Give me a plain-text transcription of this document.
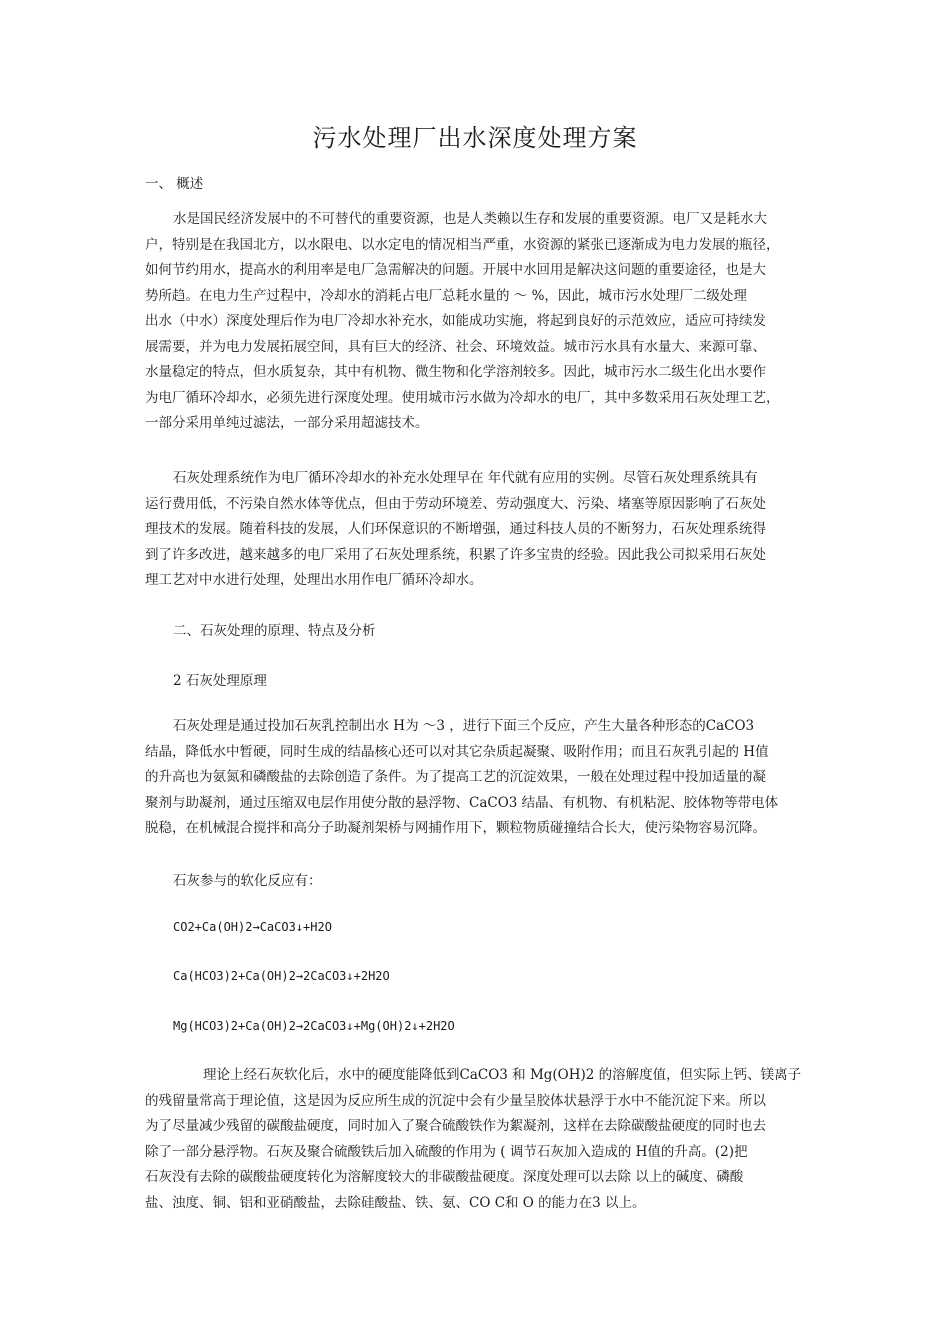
污水处理厂出水深度处理方案

一、 概述

水是国民经济发展中的不可替代的重要资源，也是人类赖以生存和发展的重要资源。电厂又是耗水大
户，特别是在我国北方，以水限电、以水定电的情况相当严重，水资源的紧张已逐渐成为电力发展的瓶径，
如何节约用水，提高水的利用率是电厂急需解决的问题。开展中水回用是解决这问题的重要途径，也是大
势所趋。在电力生产过程中，冷却水的消耗占电厂总耗水量的 ～ %，因此，城市污水处理厂二级处理
出水（中水）深度处理后作为电厂冷却水补充水，如能成功实施，将起到良好的示范效应，适应可持续发
展需要，并为电力发展拓展空间，具有巨大的经济、社会、环境效益。城市污水具有水量大、来源可靠、
水量稳定的特点，但水质复杂，其中有机物、微生物和化学溶剂较多。因此，城市污水二级生化出水要作
为电厂循环冷却水，必须先进行深度处理。使用城市污水做为冷却水的电厂，其中多数采用石灰处理工艺，
一部分采用单纯过滤法，一部分采用超滤技术。
石灰处理系统作为电厂循环冷却水的补充水处理早在 年代就有应用的实例。尽管石灰处理系统具有
运行费用低，不污染自然水体等优点，但由于劳动环境差、劳动强度大、污染、堵塞等原因影响了石灰处
理技术的发展。随着科技的发展，人们环保意识的不断增强，通过科技人员的不断努力，石灰处理系统得
到了许多改进，越来越多的电厂采用了石灰处理系统，积累了许多宝贵的经验。因此我公司拟采用石灰处
理工艺对中水进行处理，处理出水用作电厂循环冷却水。

二、石灰处理的原理、特点及分析

2 石灰处理原理

石灰处理是通过投加石灰乳控制出水 H为 ～3 ，进行下面三个反应，产生大量各种形态的CaCO3
结晶，降低水中暂硬，同时生成的结晶核心还可以对其它杂质起凝聚、吸附作用；而且石灰乳引起的 H值
的升高也为氨氮和磷酸盐的去除创造了条件。为了提高工艺的沉淀效果，一般在处理过程中投加适量的凝
聚剂与助凝剂，通过压缩双电层作用使分散的悬浮物、CaCO3 结晶、有机物、有机粘泥、胶体物等带电体
脱稳，在机械混合搅拌和高分子助凝剂架桥与网捕作用下，颗粒物质碰撞结合长大，使污染物容易沉降。

石灰参与的软化反应有：

CO2+Ca(OH)2→CaCO3↓+H2O

Ca(HCO3)2+Ca(OH)2→2CaCO3↓+2H2O

Mg(HCO3)2+Ca(OH)2→2CaCO3↓+Mg(OH)2↓+2H2O

理论上经石灰软化后，水中的硬度能降低到CaCO3 和 Mg(OH)2 的溶解度值，但实际上钙、镁离子
的残留量常高于理论值，这是因为反应所生成的沉淀中会有少量呈胶体状悬浮于水中不能沉淀下来。所以
为了尽量减少残留的碳酸盐硬度，同时加入了聚合硫酸铁作为絮凝剂，这样在去除碳酸盐硬度的同时也去
除了一部分悬浮物。石灰及聚合硫酸铁后加入硫酸的作用为 ( 调节石灰加入造成的 H值的升高。(2)把
石灰没有去除的碳酸盐硬度转化为溶解度较大的非碳酸盐硬度。深度处理可以去除 以上的碱度、磷酸
盐、浊度、铜、铝和亚硝酸盐，去除硅酸盐、铁、氨、CO C和 O 的能力在3 以上。
